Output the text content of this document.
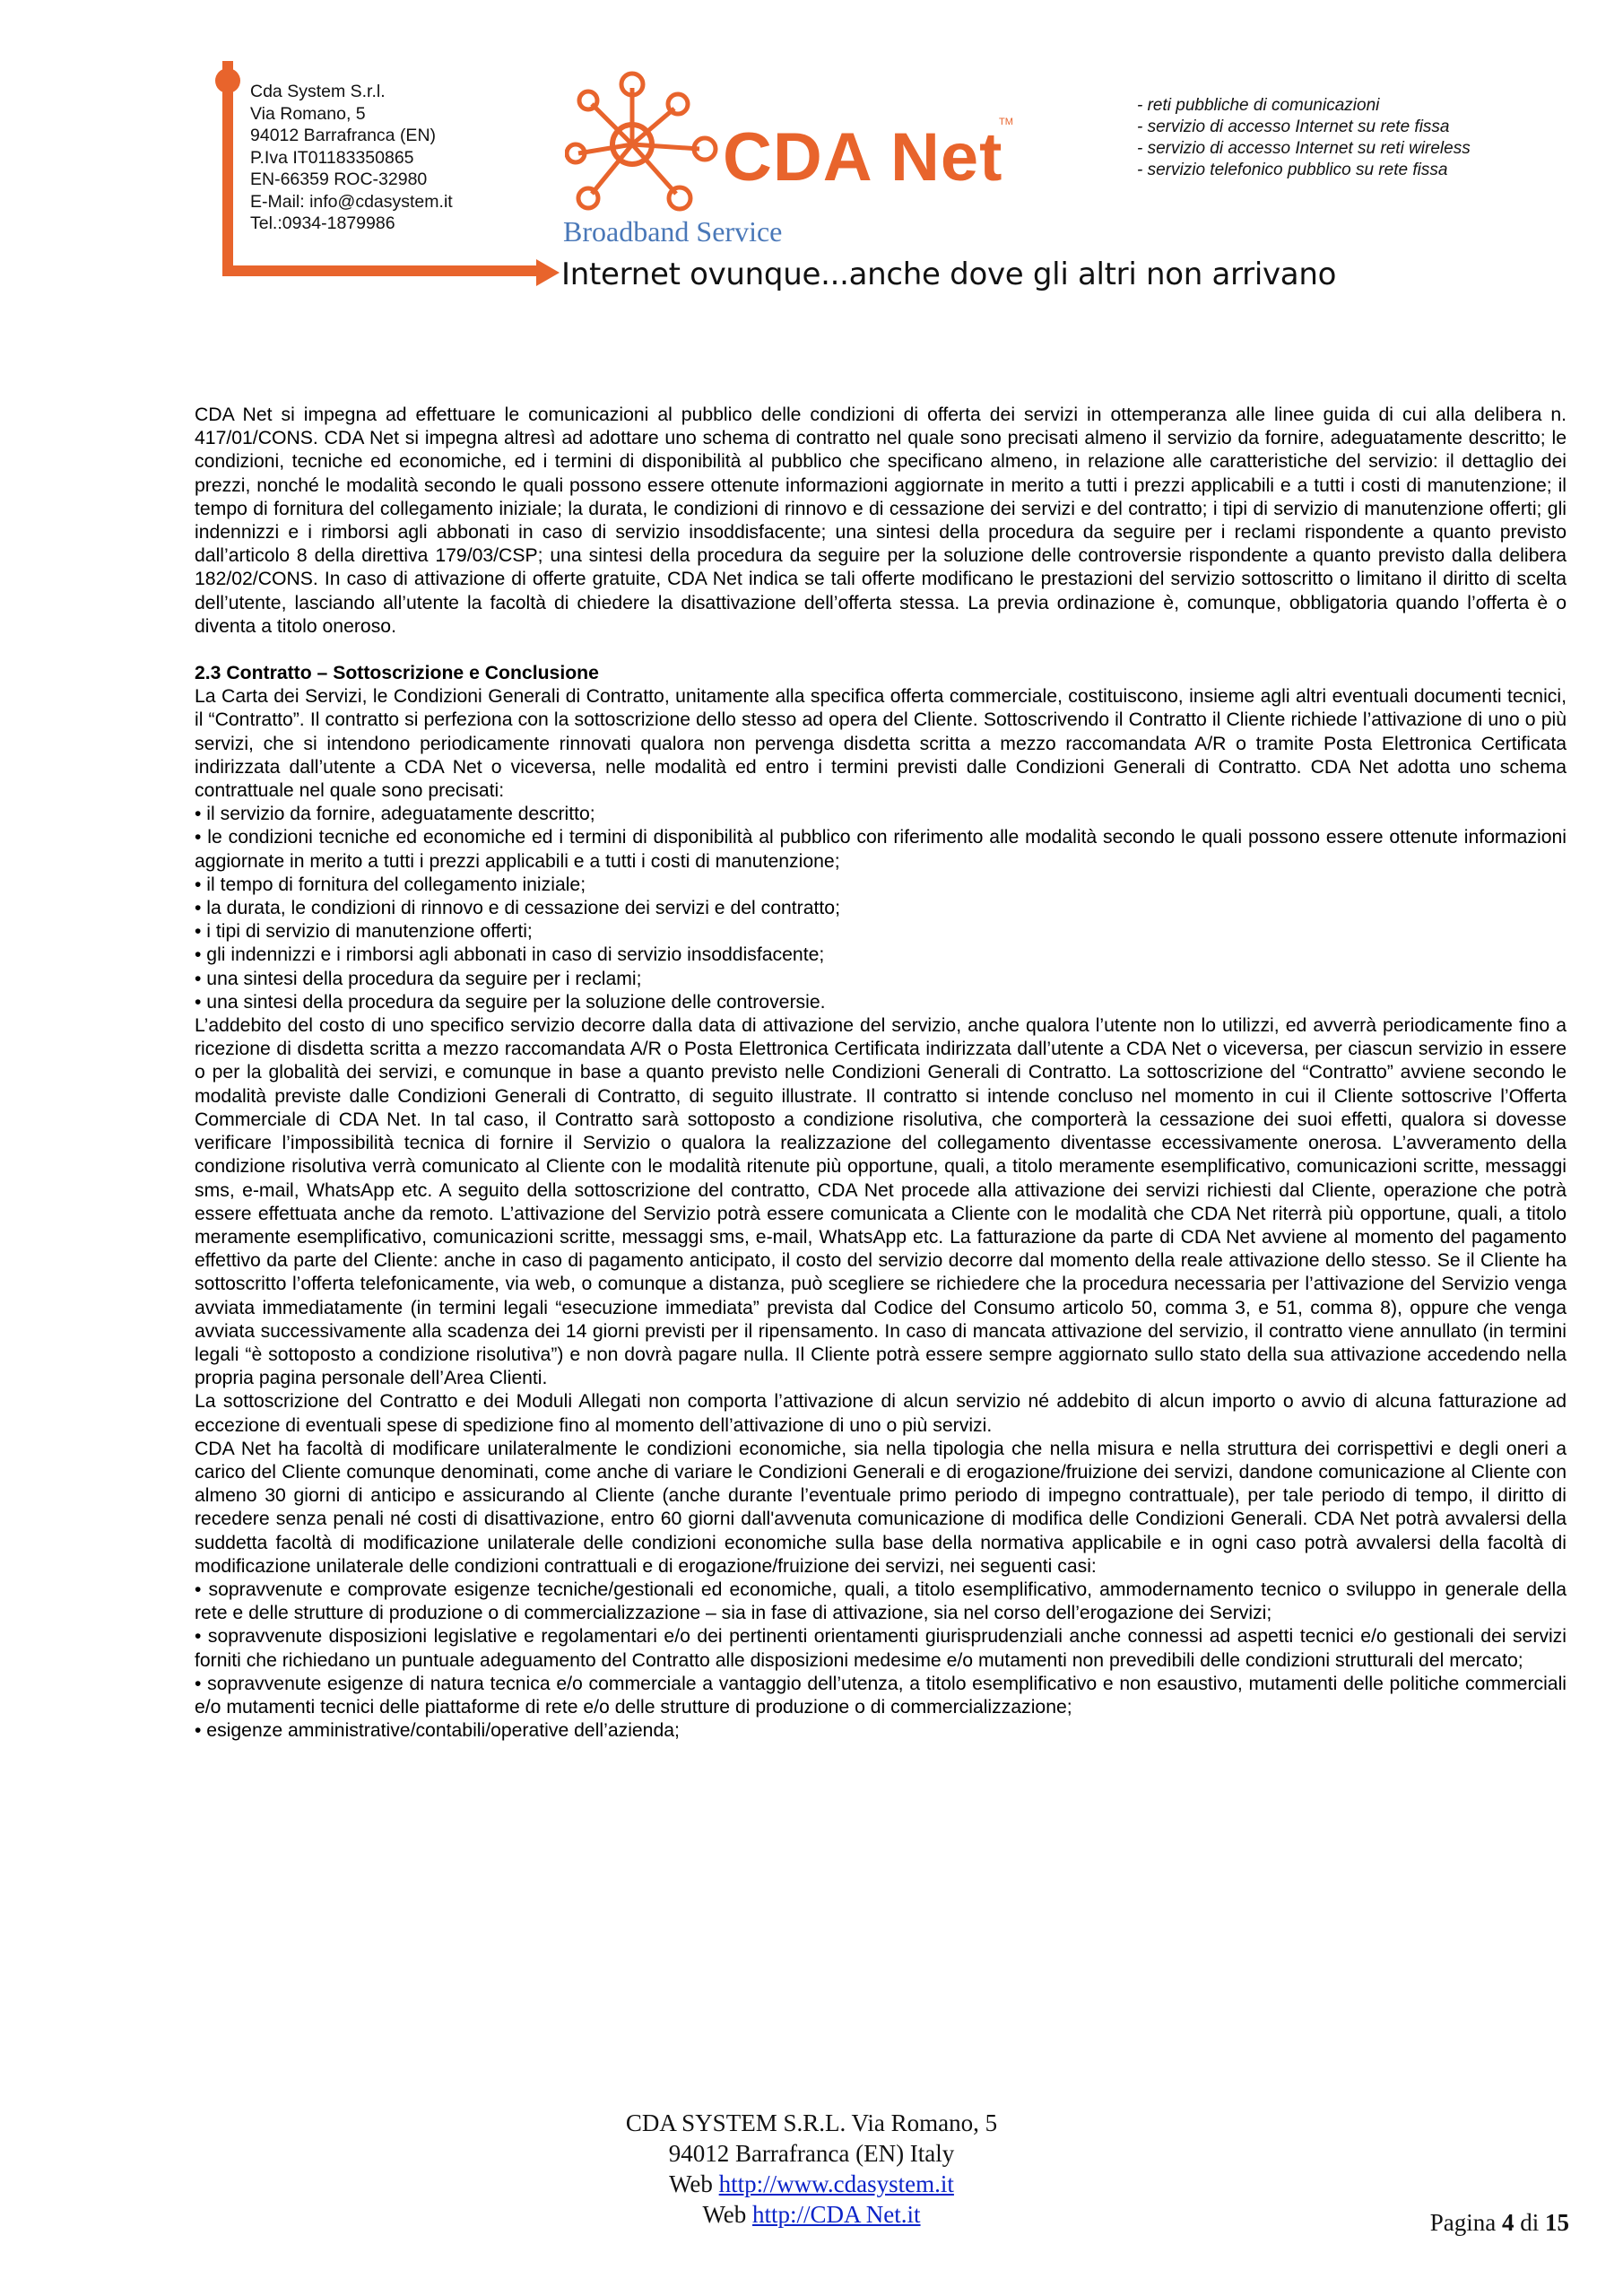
Cda System S.r.l.
Via Romano, 5
94012 Barrafranca (EN)
P.Iva IT01183350865
EN-66359 ROC-32980
E-Mail: info@cdasystem.it
Tel.:0934-1879986
CDA Net
TM
Broadband Service
- reti pubbliche di comunicazioni
- servizio di accesso Internet su rete fissa
- servizio di accesso Internet su reti wireless
- servizio telefonico pubblico su rete fissa
Internet ovunque...anche dove gli altri non arrivano

CDA Net si impegna ad effettuare le comunicazioni al pubblico delle condizioni di offerta dei servizi in ottemperanza alle linee guida di cui alla delibera n. 417/01/CONS. CDA Net si impegna altresì ad adottare uno schema di contratto nel quale sono precisati almeno il servizio da fornire, adeguatamente descritto; le condizioni, tecniche ed economiche, ed i termini di disponibilità al pubblico che specificano almeno, in relazione alle caratteristiche del servizio: il dettaglio dei prezzi, nonché le modalità secondo le quali possono essere ottenute informazioni aggiornate in merito a tutti i prezzi applicabili e a tutti i costi di manutenzione; il tempo di fornitura del collegamento iniziale; la durata, le condizioni di rinnovo e di cessazione dei servizi e del contratto; i tipi di servizio di manutenzione offerti; gli indennizzi e i rimborsi agli abbonati in caso di servizio insoddisfacente; una sintesi della procedura da seguire per i reclami rispondente a quanto previsto dall’articolo 8 della direttiva 179/03/CSP; una sintesi della procedura da seguire per la soluzione delle controversie rispondente a quanto previsto dalla delibera 182/02/CONS. In caso di attivazione di offerte gratuite, CDA Net indica se tali offerte modificano le prestazioni del servizio sottoscritto o limitano il diritto di scelta dell’utente, lasciando all’utente la facoltà di chiedere la disattivazione dell’offerta stessa. La previa ordinazione è, comunque, obbligatoria quando l’offerta è o diventa a titolo oneroso.

2.3 Contratto – Sottoscrizione e Conclusione

La Carta dei Servizi, le Condizioni Generali di Contratto, unitamente alla specifica offerta commerciale, costituiscono, insieme agli altri eventuali documenti tecnici, il “Contratto”. Il contratto si perfeziona con la sottoscrizione dello stesso ad opera del Cliente. Sottoscrivendo il Contratto il Cliente richiede l’attivazione di uno o più servizi, che si intendono periodicamente rinnovati qualora non pervenga disdetta scritta a mezzo raccomandata A/R o tramite Posta Elettronica Certificata indirizzata dall’utente a CDA Net o viceversa, nelle modalità ed entro i termini previsti dalle Condizioni Generali di Contratto. CDA Net adotta uno schema contrattuale nel quale sono precisati:

• il servizio da fornire, adeguatamente descritto;

• le condizioni tecniche ed economiche ed i termini di disponibilità al pubblico con riferimento alle modalità secondo le quali possono essere ottenute informazioni aggiornate in merito a tutti i prezzi applicabili e a tutti i costi di manutenzione;

• il tempo di fornitura del collegamento iniziale;

• la durata, le condizioni di rinnovo e di cessazione dei servizi e del contratto;

• i tipi di servizio di manutenzione offerti;

• gli indennizzi e i rimborsi agli abbonati in caso di servizio insoddisfacente;

• una sintesi della procedura da seguire per i reclami;

• una sintesi della procedura da seguire per la soluzione delle controversie.

L’addebito del costo di uno specifico servizio decorre dalla data di attivazione del servizio, anche qualora l’utente non lo utilizzi, ed avverrà periodicamente fino a ricezione di disdetta scritta a mezzo raccomandata A/R o Posta Elettronica Certificata indirizzata dall’utente a CDA Net o viceversa, per ciascun servizio in essere o per la globalità dei servizi, e comunque in base a quanto previsto nelle Condizioni Generali di Contratto. La sottoscrizione del “Contratto” avviene secondo le modalità previste dalle Condizioni Generali di Contratto, di seguito illustrate. Il contratto si intende concluso nel momento in cui il Cliente sottoscrive l’Offerta Commerciale di CDA Net. In tal caso, il Contratto sarà sottoposto a condizione risolutiva, che comporterà la cessazione dei suoi effetti, qualora si dovesse verificare l’impossibilità tecnica di fornire il Servizio o qualora la realizzazione del collegamento diventasse eccessivamente onerosa. L’avveramento della condizione risolutiva verrà comunicato al Cliente con le modalità ritenute più opportune, quali, a titolo meramente esemplificativo, comunicazioni scritte, messaggi sms, e-mail, WhatsApp etc. A seguito della sottoscrizione del contratto, CDA Net procede alla attivazione dei servizi richiesti dal Cliente, operazione che potrà essere effettuata anche da remoto. L’attivazione del Servizio potrà essere comunicata a Cliente con le modalità che CDA Net riterrà più opportune, quali, a titolo meramente esemplificativo, comunicazioni scritte, messaggi sms, e-mail, WhatsApp etc. La fatturazione da parte di CDA Net avviene al momento del pagamento effettivo da parte del Cliente: anche in caso di pagamento anticipato, il costo del servizio decorre dal momento della reale attivazione dello stesso. Se il Cliente ha sottoscritto l’offerta telefonicamente, via web, o comunque a distanza, può scegliere se richiedere che la procedura necessaria per l’attivazione del Servizio venga avviata immediatamente (in termini legali “esecuzione immediata” prevista dal Codice del Consumo articolo 50, comma 3, e 51, comma 8), oppure che venga avviata successivamente alla scadenza dei 14 giorni previsti per il ripensamento. In caso di mancata attivazione del servizio, il contratto viene annullato (in termini legali “è sottoposto a condizione risolutiva”) e non dovrà pagare nulla. Il Cliente potrà essere sempre aggiornato sullo stato della sua attivazione accedendo nella propria pagina personale dell’Area Clienti.

La sottoscrizione del Contratto e dei Moduli Allegati non comporta l’attivazione di alcun servizio né addebito di alcun importo o avvio di alcuna fatturazione ad eccezione di eventuali spese di spedizione fino al momento dell’attivazione di uno o più servizi.

CDA Net ha facoltà di modificare unilateralmente le condizioni economiche, sia nella tipologia che nella misura e nella struttura dei corrispettivi e degli oneri a carico del Cliente comunque denominati, come anche di variare le Condizioni Generali e di erogazione/fruizione dei servizi, dandone comunicazione al Cliente con almeno 30 giorni di anticipo e assicurando al Cliente (anche durante l’eventuale primo periodo di impegno contrattuale), per tale periodo di tempo, il diritto di recedere senza penali né costi di disattivazione, entro 60 giorni dall'avvenuta comunicazione di modifica delle Condizioni Generali. CDA Net potrà avvalersi della suddetta facoltà di modificazione unilaterale delle condizioni economiche sulla base della normativa applicabile e in ogni caso potrà avvalersi della facoltà di modificazione unilaterale delle condizioni contrattuali e di erogazione/fruizione dei servizi, nei seguenti casi:

• sopravvenute e comprovate esigenze tecniche/gestionali ed economiche, quali, a titolo esemplificativo, ammodernamento tecnico o sviluppo in generale della rete e delle strutture di produzione o di commercializzazione – sia in fase di attivazione, sia nel corso dell’erogazione dei Servizi;

• sopravvenute disposizioni legislative e regolamentari e/o dei pertinenti orientamenti giurisprudenziali anche connessi ad aspetti tecnici e/o gestionali dei servizi forniti che richiedano un puntuale adeguamento del Contratto alle disposizioni medesime e/o mutamenti non prevedibili delle condizioni strutturali del mercato;

• sopravvenute esigenze di natura tecnica e/o commerciale a vantaggio dell’utenza, a titolo esemplificativo e non esaustivo, mutamenti delle politiche commerciali e/o mutamenti tecnici delle piattaforme di rete e/o delle strutture di produzione o di commercializzazione;

• esigenze amministrative/contabili/operative dell’azienda;

CDA SYSTEM S.R.L. Via Romano, 5
94012 Barrafranca (EN) Italy
Web http://www.cdasystem.it
Web http://CDA Net.it	Pagina 4 di 15
